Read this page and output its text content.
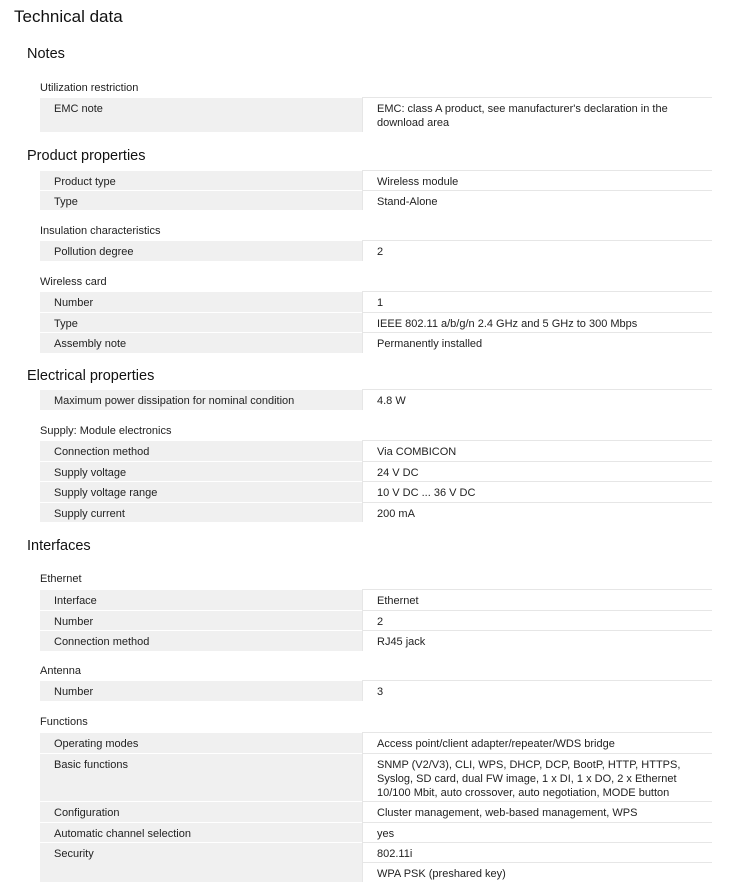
Technical data
Notes
Utilization restriction
EMC note	EMC: class A product, see manufacturer's declaration in the download area
Product properties
Product type	Wireless module
Type	Stand-Alone
Insulation characteristics
Pollution degree	2
Wireless card
Number	1
Type	IEEE 802.11 a/b/g/n 2.4 GHz and 5 GHz to 300 Mbps
Assembly note	Permanently installed
Electrical properties
Maximum power dissipation for nominal condition	4.8 W
Supply: Module electronics
Connection method	Via COMBICON
Supply voltage	24 V DC
Supply voltage range	10 V DC ... 36 V DC
Supply current	200 mA
Interfaces
Ethernet
Interface	Ethernet
Number	2
Connection method	RJ45 jack
Antenna
Number	3
Functions
Operating modes	Access point/client adapter/repeater/WDS bridge
Basic functions	SNMP (V2/V3), CLI, WPS, DHCP, DCP, BootP, HTTP, HTTPS, Syslog, SD card, dual FW image, 1 x DI, 1 x DO, 2 x Ethernet 10/100 Mbit, auto crossover, auto negotiation, MODE button
Configuration	Cluster management, web-based management, WPS
Automatic channel selection	yes
Security	802.11i
WPA PSK (preshared key)
